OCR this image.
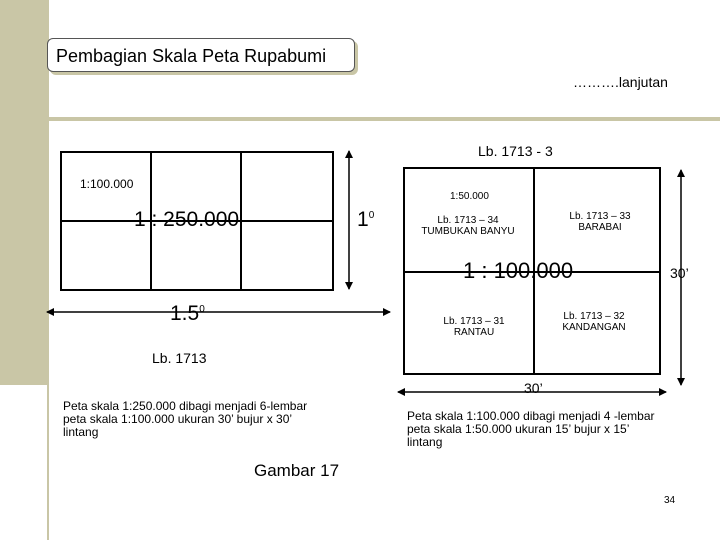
Pembagian Skala Peta Rupabumi
……….lanjutan
1:100.000
1 : 250.000	$1^0$
$1.5^0$
Lb. 1713
Peta skala 1:250.000 dibagi menjadi 6-lembar peta skala 1:100.000 ukuran 30’ bujur x 30’ lintang
Lb. 1713 - 3
1:50.000
Lb. 1713 – 34
TUMBUKAN BANYU
Lb. 1713 – 33
BARABAI
1 : 100.000
Lb. 1713 – 31
RANTAU
Lb. 1713 – 32
KANDANGAN
30’
30’
Peta skala 1:100.000 dibagi menjadi 4 -lembar peta skala 1:50.000 ukuran 15’ bujur x 15’ lintang
Gambar 17
34
